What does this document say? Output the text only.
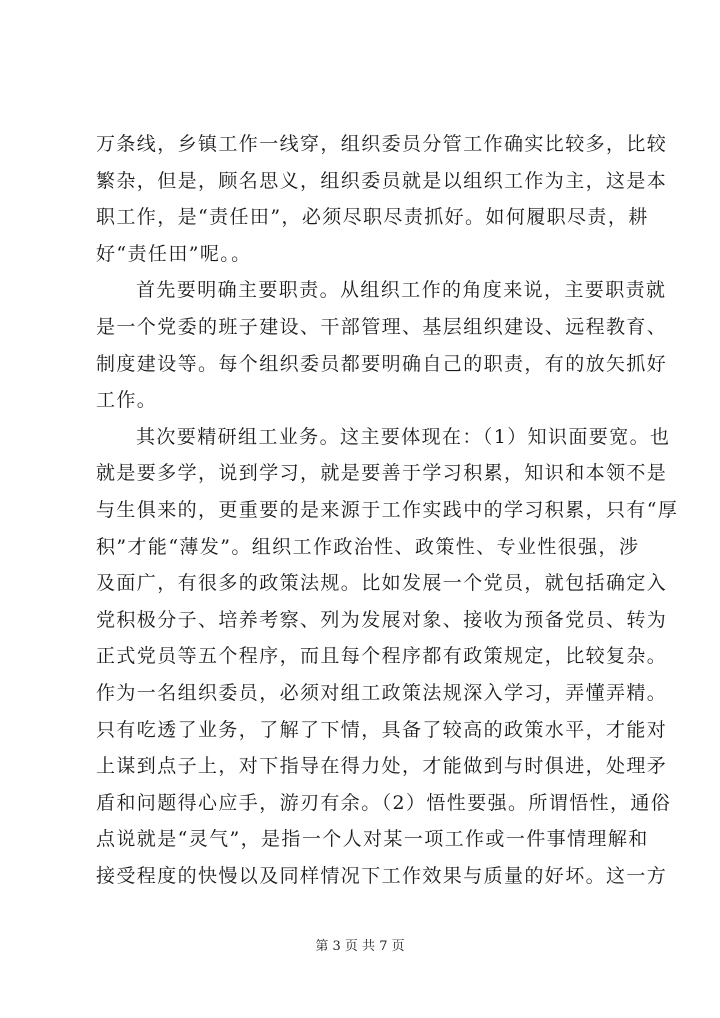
万条线，乡镇工作一线穿，组织委员分管工作确实比较多，比较
繁杂，但是，顾名思义，组织委员就是以组织工作为主，这是本
职工作，是“责任田”，必须尽职尽责抓好。如何履职尽责，耕
好“责任田”呢。。
首先要明确主要职责。从组织工作的角度来说，主要职责就
是一个党委的班子建设、干部管理、基层组织建设、远程教育、
制度建设等。每个组织委员都要明确自己的职责，有的放矢抓好
工作。
其次要精研组工业务。这主要体现在：（1）知识面要宽。也
就是要多学，说到学习，就是要善于学习积累，知识和本领不是
与生俱来的，更重要的是来源于工作实践中的学习积累，只有“厚
积”才能“薄发”。组织工作政治性、政策性、专业性很强，涉
及面广，有很多的政策法规。比如发展一个党员，就包括确定入
党积极分子、培养考察、列为发展对象、接收为预备党员、转为
正式党员等五个程序，而且每个程序都有政策规定，比较复杂。
作为一名组织委员，必须对组工政策法规深入学习，弄懂弄精。
只有吃透了业务，了解了下情，具备了较高的政策水平，才能对
上谋到点子上，对下指导在得力处，才能做到与时俱进，处理矛
盾和问题得心应手，游刃有余。（2）悟性要强。所谓悟性，通俗
点说就是“灵气”，是指一个人对某一项工作或一件事情理解和
接受程度的快慢以及同样情况下工作效果与质量的好坏。这一方
第 3 页 共 7 页
